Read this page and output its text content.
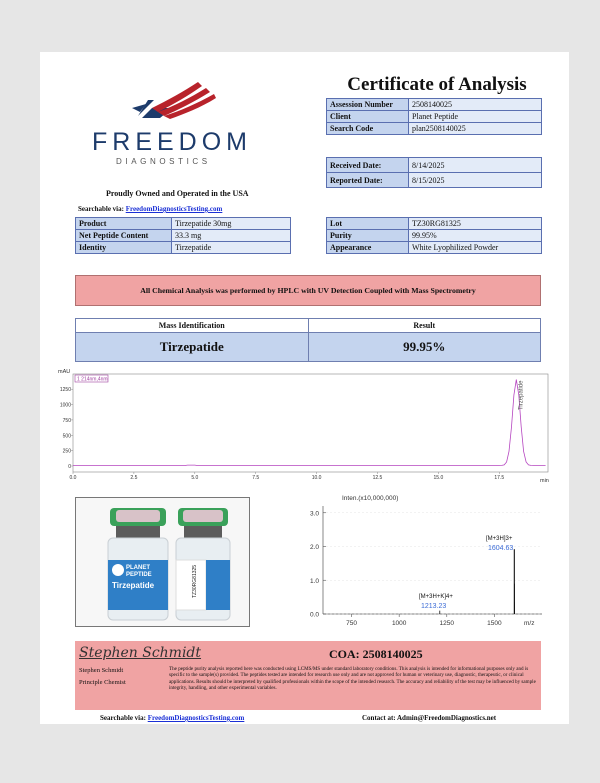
FREEDOM
DIAGNOSTICS
Proudly Owned and Operated in the USA
Searchable via: FreedomDiagnosticsTesting.com
Certificate of Analysis
Assession Number	2508140025
Client	Planet Peptide
Search Code	plan2508140025
Received Date:	8/14/2025
Reported Date:	8/15/2025
Product	Tirzepatide 30mg
Net Peptide Content	33.3 mg
Identity	Tirzepatide
Lot	TZ30RG81325
Purity	99.95%
Appearance	White Lyophilized Powder
All Chemical Analysis was performed by HPLC with UV Detection Coupled with Mass Spectrometry
Mass Identification	Result
Tirzepatide	99.95%
mAU
1 214nm,4nm
1250
1000
750
500
250
0
0.0	2.5	5.0	7.5	10.0	12.5	15.0	17.5
Tirzepatide
min
PLANET
PEPTIDE
Tirzepatide	TZ30RG81325
Inten.(x10,000,000)
3.0
2.0
1.0
0.0
750	1000	1250	1500
[M+3H]3+
1604.63
[M+3H+K]4+
1213.23
m/z
Stephen Schmidt	COA: 2508140025
Stephen Schmidt
Principle Chemist
The peptide purity analysis reported here was conducted using LCMS/MS under standard laboratory conditions. This analysis is intended for informational purposes only and is specific to the sample(s) provided. The peptides tested are intended for research use only and are not approved for human or veterinary use, diagnostic, therapeutic, or clinical applications. Results should be interpreted by qualified professionals within the scope of the intended research. The accuracy and reliability of the test may be influenced by sample integrity, handling, and other experimental variables.
Searchable via: FreedomDiagnosticsTesting.com	Contact at: Admin@FreedomDiagnostics.net
